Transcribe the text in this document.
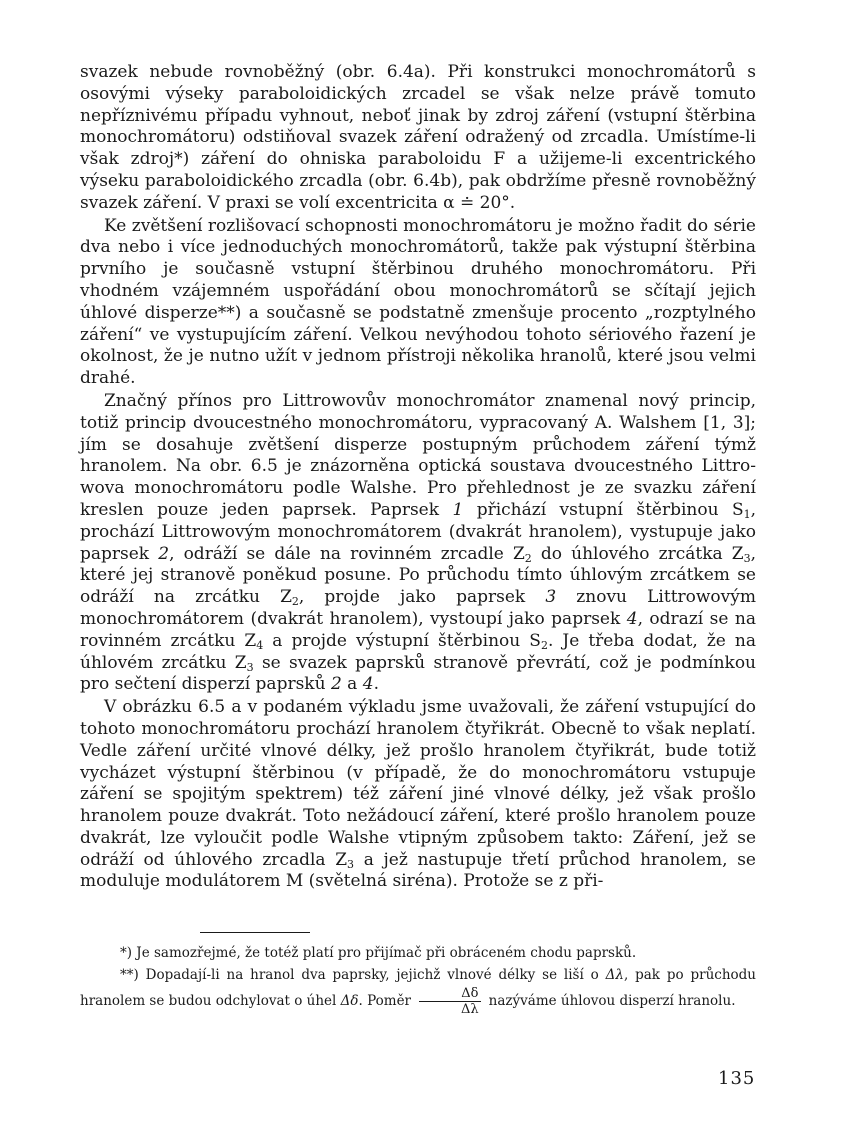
svazek nebude rovnoběžný (obr. 6.4a). Při konstrukci monochromátorů s osovými výseky paraboloidických zrcadel se však nelze právě tomuto nepříznivému případu vyhnout, neboť jinak by zdroj záření (vstupní štěrbina monochromátoru) odstiňoval svazek záření odražený od zrcadla. Umístíme-li však zdroj*) záření do ohniska paraboloidu F a užijeme-li excentrického výseku paraboloidického zrcadla (obr. 6.4b), pak obdržíme přesně rovnoběžný svazek záření. V praxi se volí excentricita α ≐ 20°.

Ke zvětšení rozlišovací schopnosti monochromátoru je možno řadit do série dva nebo i více jednoduchých monochromátorů, takže pak výstupní štěrbina prvního je současně vstupní štěrbinou druhého monochromátoru. Při vhodném vzájemném uspořádání obou monochromátorů se sčítají jejich úhlové disperze**) a současně se podstatně zmenšuje procento „rozptylného záření“ ve vystupujícím záření. Velkou nevýhodou tohoto sériového řazení je okolnost, že je nutno užít v jednom přístroji několika hranolů, které jsou velmi drahé.

Značný přínos pro Littrowovův monochromátor znamenal nový princip, totiž princip dvoucestného monochromátoru, vypracovaný A. Walshem [1, 3]; jím se dosahuje zvětšení disperze postupným průchodem záření týmž hranolem. Na obr. 6.5 je znázorněna optická soustava dvoucestného Littrowova monochromátoru podle Walshe. Pro přehlednost je ze svazku záření kreslen pouze jeden paprsek. Paprsek 1 přichází vstupní štěrbinou $S_1$, prochází Littrowovým monochromátorem (dvakrát hranolem), vystupuje jako paprsek 2, odráží se dále na rovinném zrcadle $Z_2$ do úhlového zrcátka $Z_3$, které jej stranově poněkud posune. Po průchodu tímto úhlovým zrcátkem se odráží na zrcátku $Z_2$, projde jako paprsek 3 znovu Littrowovým monochromátorem (dvakrát hranolem), vystoupí jako paprsek 4, odrazí se na rovinném zrcátku $Z_4$ a projde výstupní štěrbinou $S_2$. Je třeba dodat, že na úhlovém zrcátku $Z_3$ se svazek paprsků stranově převrátí, což je podmínkou pro sečtení disperzí paprsků 2 a 4.

V obrázku 6.5 a v podaném výkladu jsme uvažovali, že záření vstupující do tohoto monochromátoru prochází hranolem čtyřikrát. Obecně to však neplatí. Vedle záření určité vlnové délky, jež prošlo hranolem čtyřikrát, bude totiž vycházet výstupní štěrbinou (v případě, že do monochromátoru vstupuje záření se spojitým spektrem) též záření jiné vlnové délky, jež však prošlo hranolem pouze dvakrát. Toto nežádoucí záření, které prošlo hranolem pouze dvakrát, lze vyloučit podle Walshe vtipným způsobem takto: Záření, jež se odráží od úhlového zrcadla $Z_3$ a jež nastupuje třetí průchod hranolem, se moduluje modulátorem M (světelná siréna). Protože se z při-

*) Je samozřejmé, že totéž platí pro přijímač při obráceném chodu paprsků.

**) Dopadají-li na hranol dva paprsky, jejichž vlnové délky se liší o Δλ, pak po průchodu hranolem se budou odchylovat o úhel Δδ. Poměr $\frac{\Delta\delta}{\Delta\lambda}$ nazýváme úhlovou disperzí hranolu.

135
